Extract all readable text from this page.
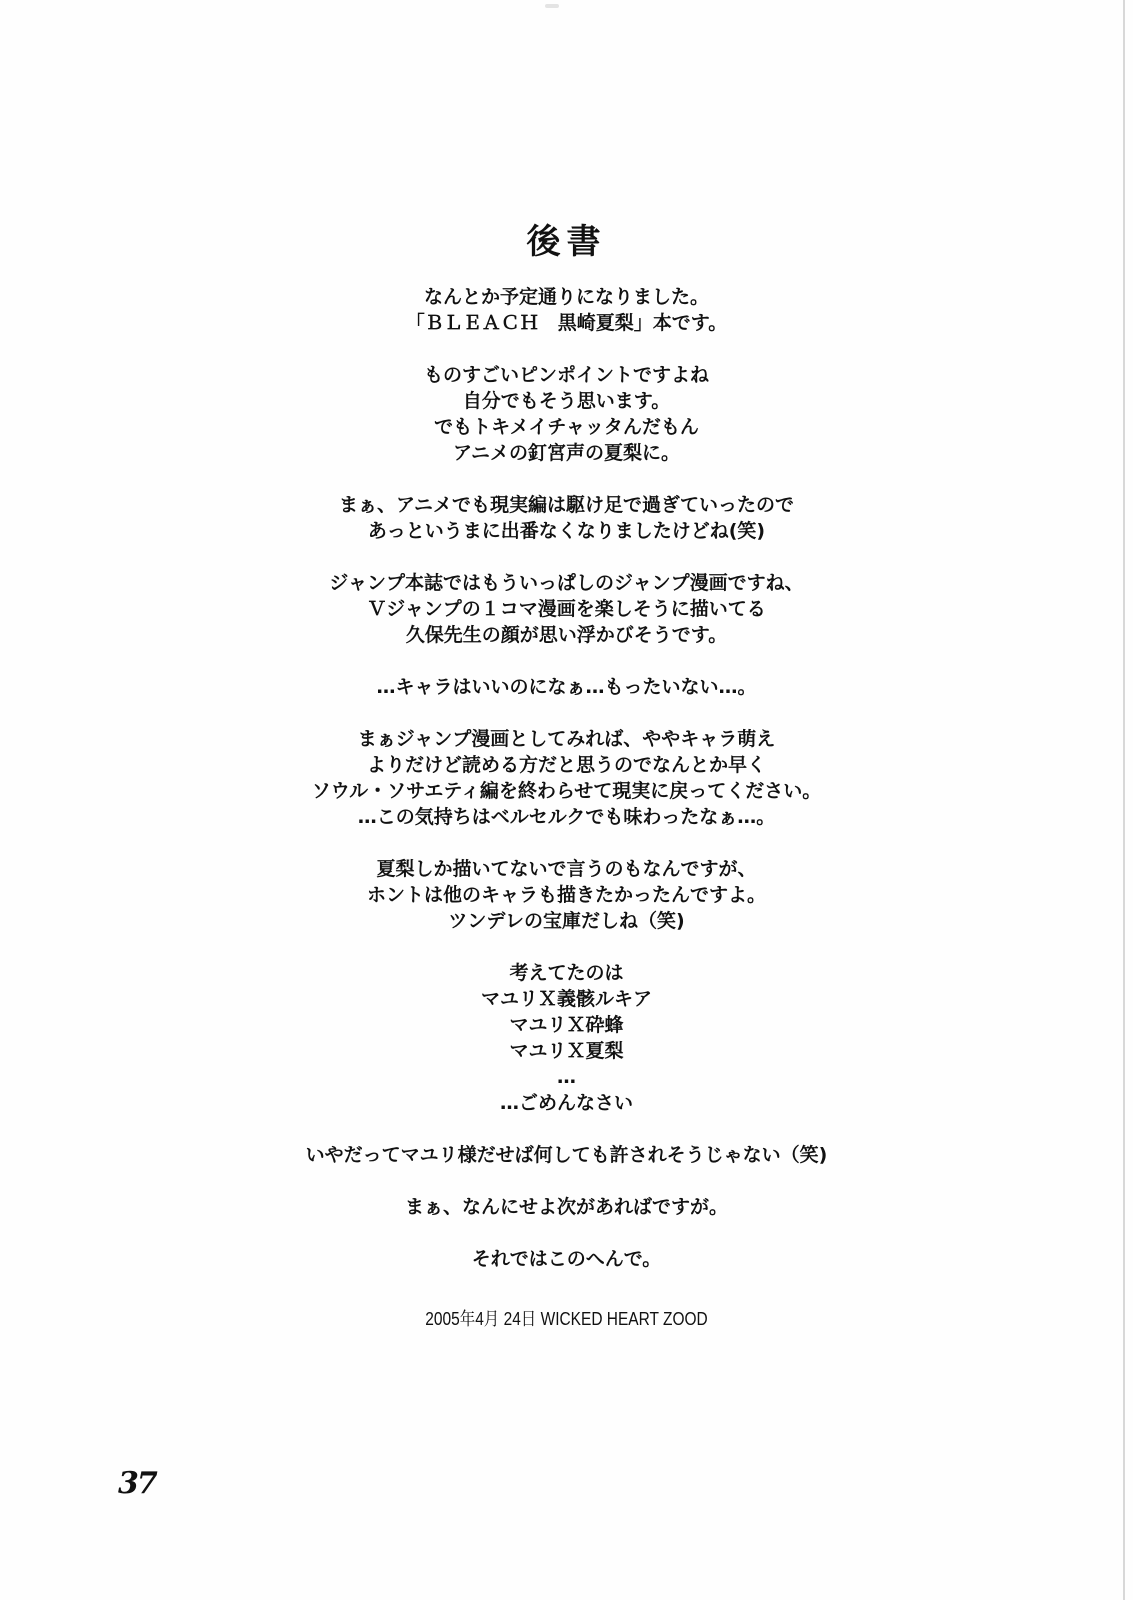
後書
なんとか予定通りになりました。
「ＢＬＥＡＣＨ　黒崎夏梨」本です。
ものすごいピンポイントですよね
自分でもそう思います。
でもトキメイチャッタんだもん
アニメの釘宮声の夏梨に。
まぁ、アニメでも現実編は駆け足で過ぎていったので
あっというまに出番なくなりましたけどね(笑)
ジャンプ本誌ではもういっぱしのジャンプ漫画ですね、
Ｖジャンプの１コマ漫画を楽しそうに描いてる
久保先生の顔が思い浮かびそうです。
…キャラはいいのになぁ…もったいない…。
まぁジャンプ漫画としてみれば、ややキャラ萌え
よりだけど読める方だと思うのでなんとか早く
ソウル・ソサエティ編を終わらせて現実に戻ってください。
…この気持ちはベルセルクでも味わったなぁ…。
夏梨しか描いてないで言うのもなんですが、
ホントは他のキャラも描きたかったんですよ。
ツンデレの宝庫だしね（笑)
考えてたのは
マユリＸ義骸ルキア
マユリＸ砕蜂
マユリＸ夏梨
…
…ごめんなさい
いやだってマユリ様だせば何しても許されそうじゃない（笑)
まぁ、なんにせよ次があればですが。
それではこのへんで。
2005年4月 24日 WICKED HEART ZOOD
37
